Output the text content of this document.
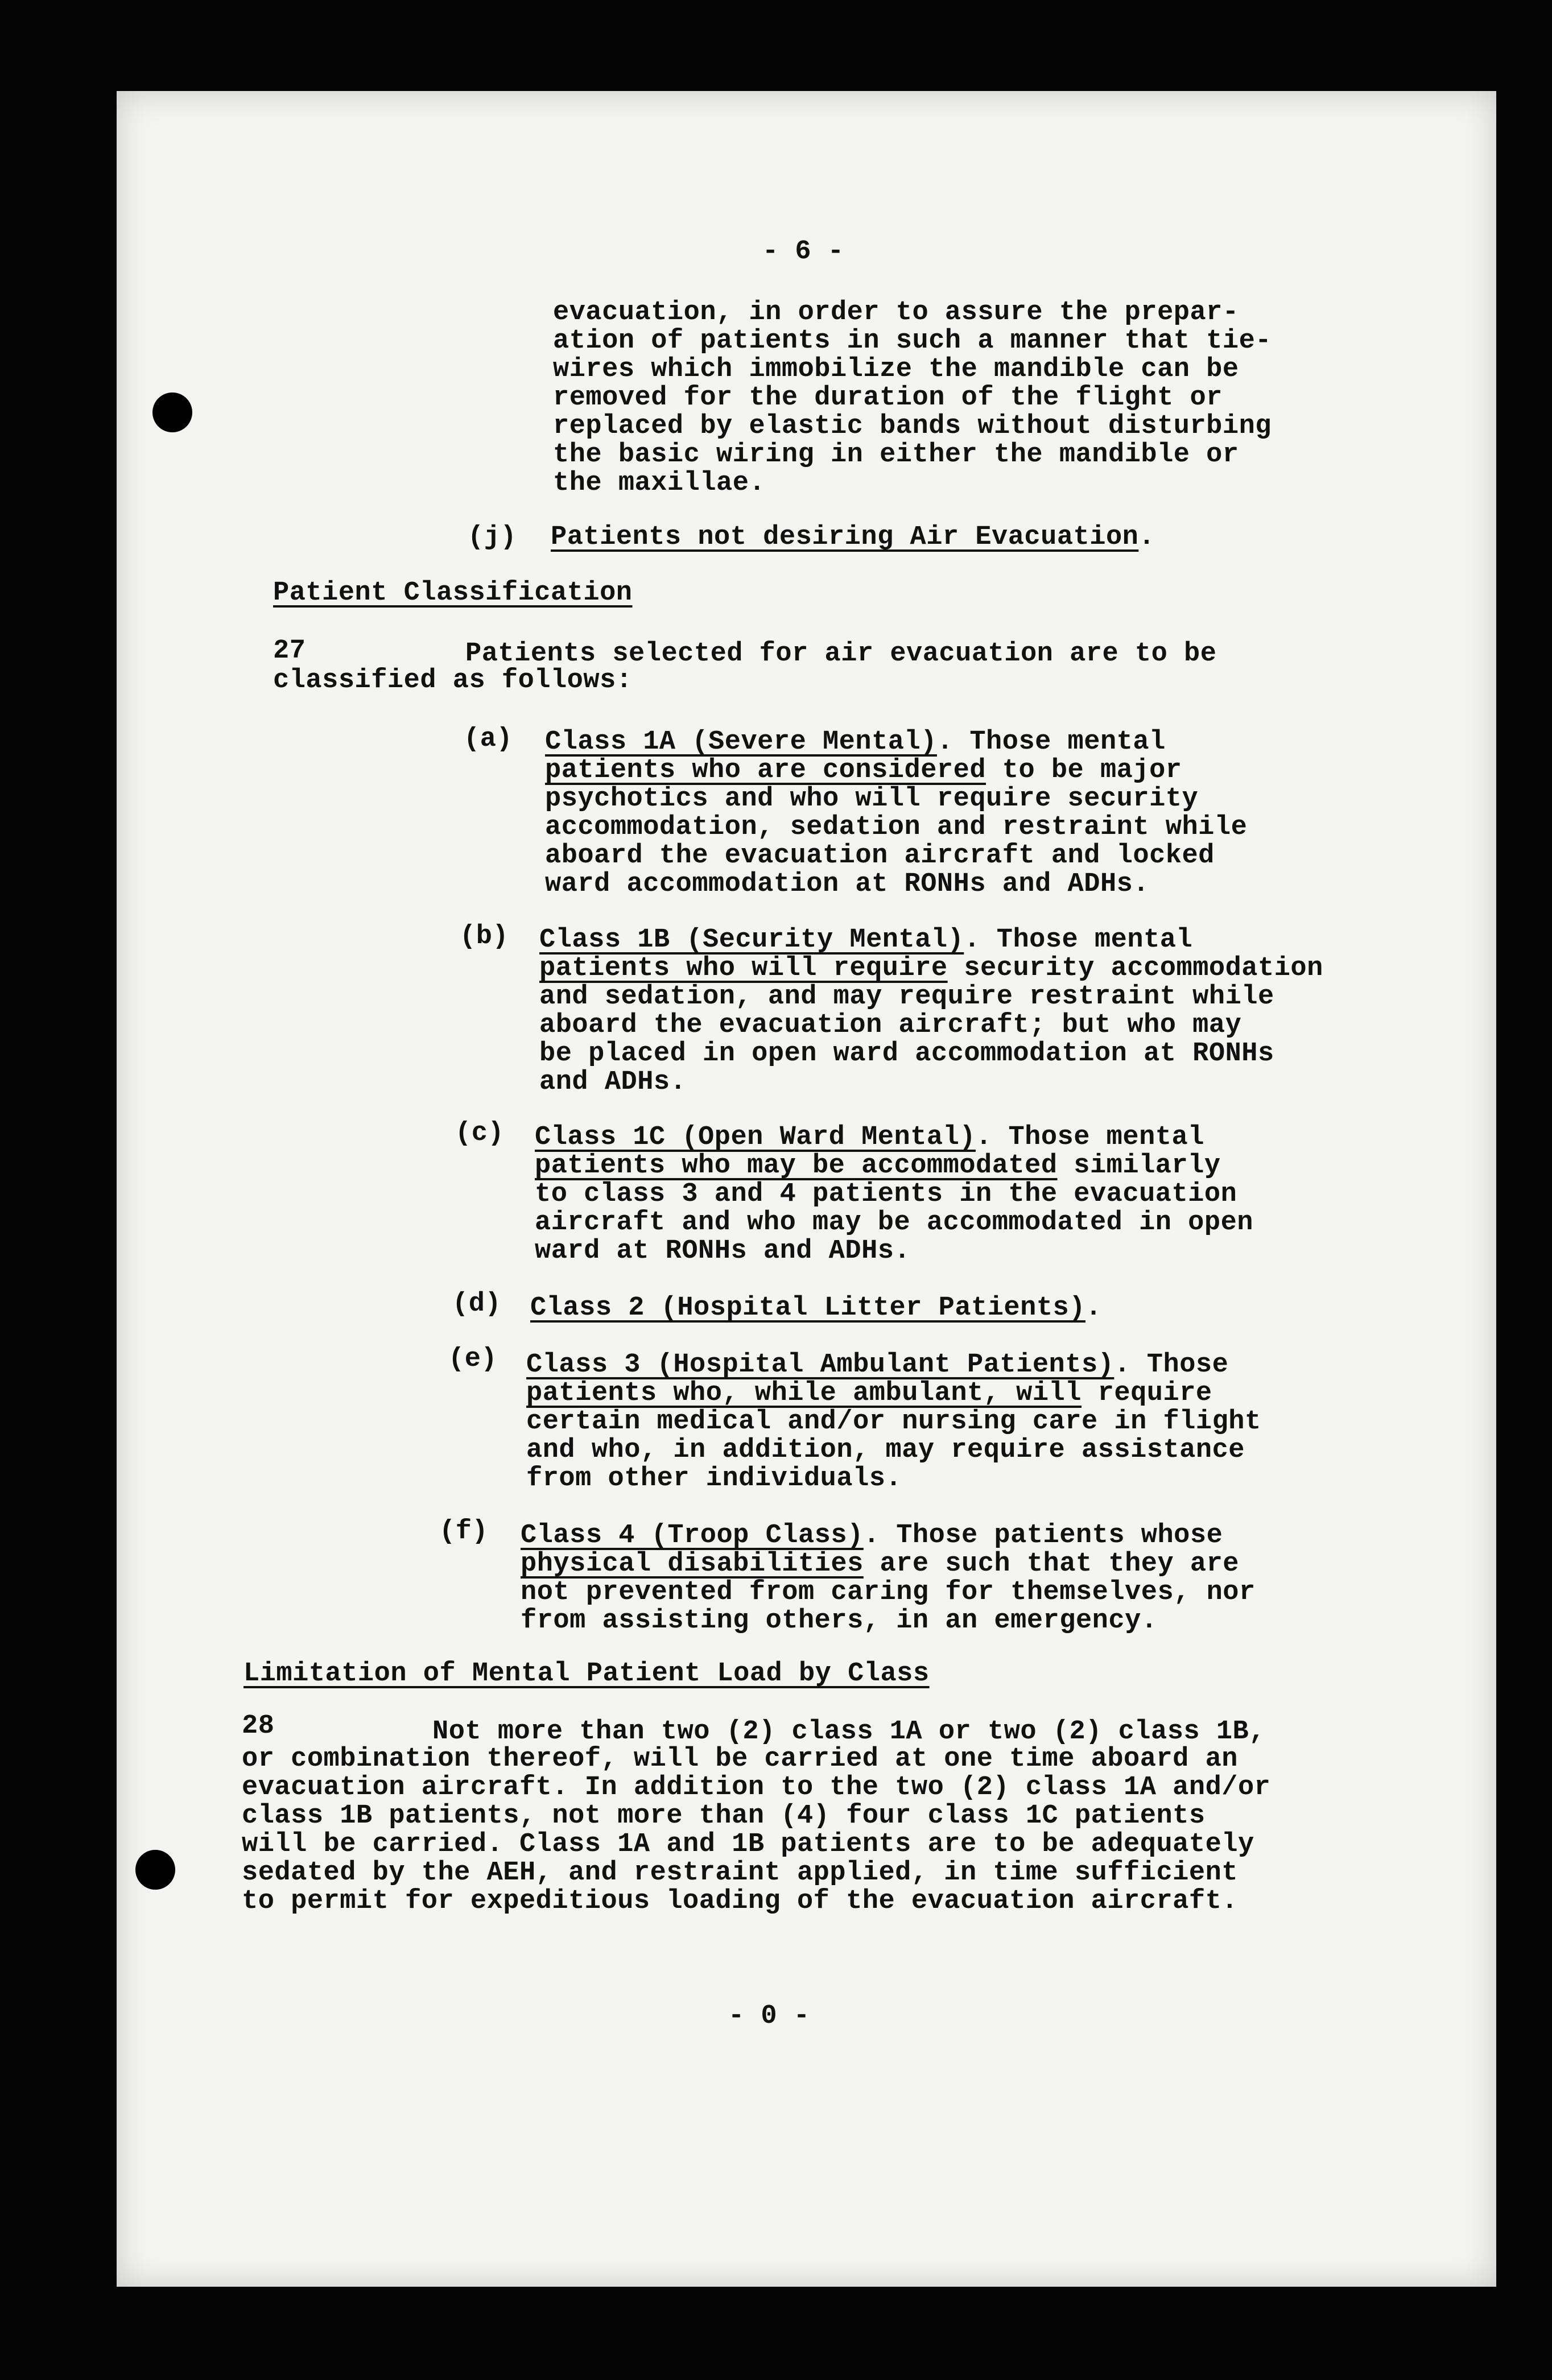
- 6 -
evacuation, in order to assure the prepar-
ation of patients in such a manner that tie-
wires which immobilize the mandible can be
removed for the duration of the flight or
replaced by elastic bands without disturbing
the basic wiring in either the mandible or
the maxillae.
(j) Patients not desiring Air Evacuation.
Patient Classification
27	Patients selected for air evacuation are to be
classified as follows:
(a) Class 1A (Severe Mental). Those mental
patients who are considered to be major
psychotics and who will require security
accommodation, sedation and restraint while
aboard the evacuation aircraft and locked
ward accommodation at RONHs and ADHs.
(b) Class 1B (Security Mental). Those mental
patients who will require security accommodation
and sedation, and may require restraint while
aboard the evacuation aircraft; but who may
be placed in open ward accommodation at RONHs
and ADHs.
(c) Class 1C (Open Ward Mental). Those mental
patients who may be accommodated similarly
to class 3 and 4 patients in the evacuation
aircraft and who may be accommodated in open
ward at RONHs and ADHs.
(d) Class 2 (Hospital Litter Patients).
(e) Class 3 (Hospital Ambulant Patients). Those
patients who, while ambulant, will require
certain medical and/or nursing care in flight
and who, in addition, may require assistance
from other individuals.
(f) Class 4 (Troop Class). Those patients whose
physical disabilities are such that they are
not prevented from caring for themselves, nor
from assisting others, in an emergency.
Limitation of Mental Patient Load by Class
28	Not more than two (2) class 1A or two (2) class 1B,
or combination thereof, will be carried at one time aboard an
evacuation aircraft. In addition to the two (2) class 1A and/or
class 1B patients, not more than (4) four class 1C patients
will be carried. Class 1A and 1B patients are to be adequately
sedated by the AEH, and restraint applied, in time sufficient
to permit for expeditious loading of the evacuation aircraft.
- 0 -
